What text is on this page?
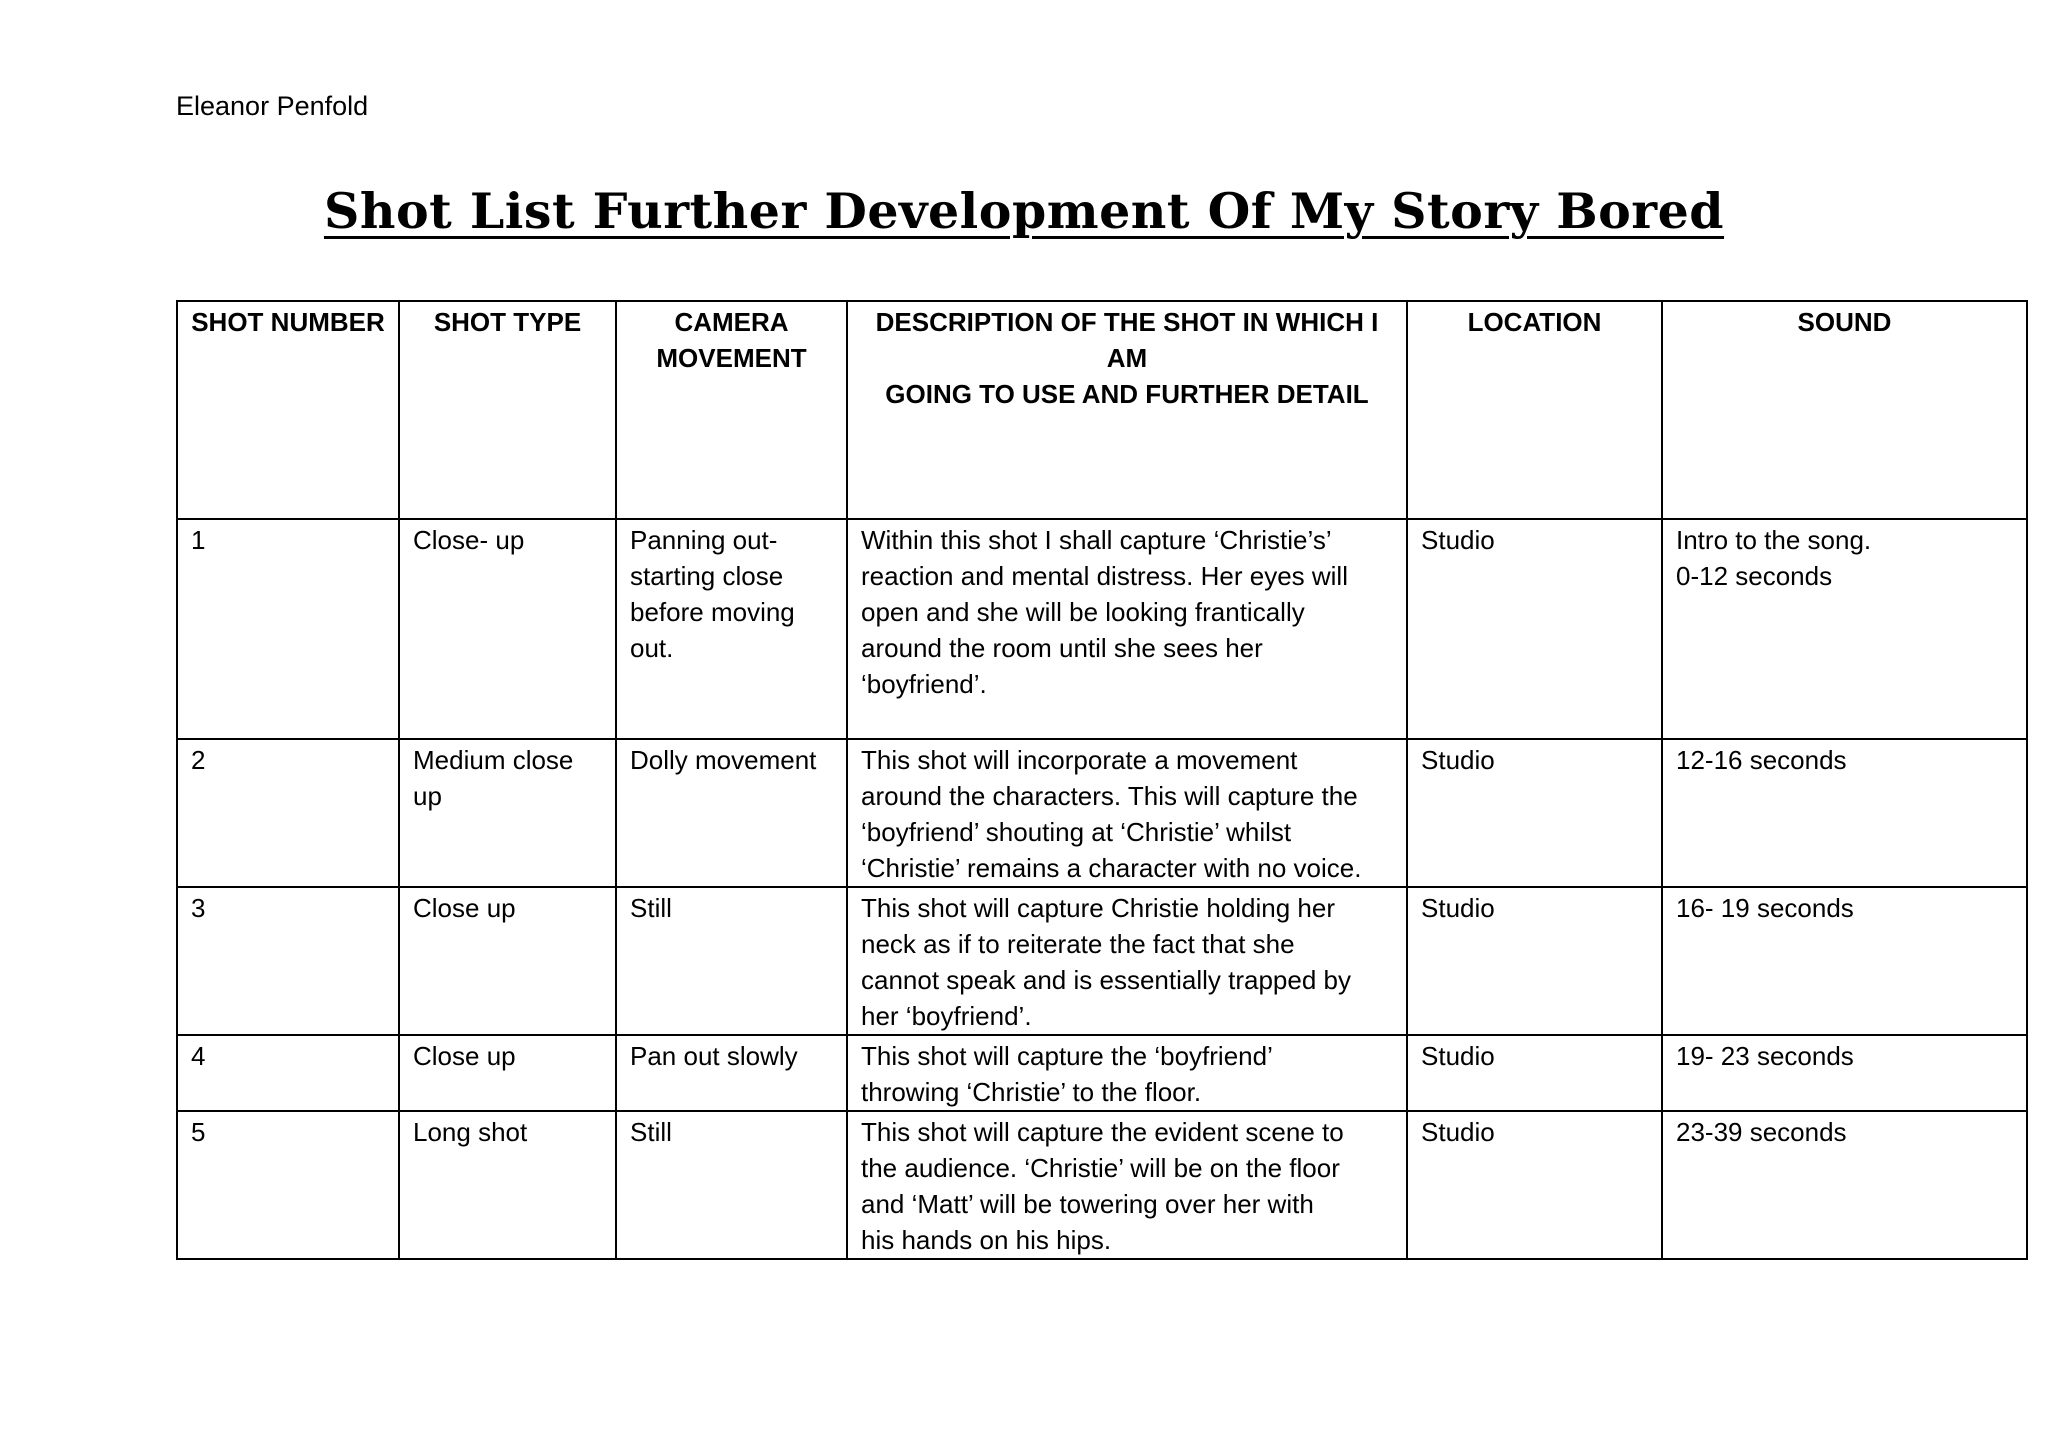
Eleanor Penfold
Shot List Further Development Of My Story Bored
SHOT NUMBER	SHOT TYPE	CAMERA
MOVEMENT	DESCRIPTION OF THE SHOT IN WHICH I AM
GOING TO USE AND FURTHER DETAIL	LOCATION	SOUND

1	Close- up	Panning out-
starting close
before moving
out.	Within this shot I shall capture ‘Christie’s’
reaction and mental distress. Her eyes will
open and she will be looking frantically
around the room until she sees her
‘boyfriend’.	Studio	Intro to the song.
0-12 seconds

2	Medium close
up	Dolly movement	This shot will incorporate a movement
around the characters. This will capture the
‘boyfriend’ shouting at ‘Christie’ whilst
‘Christie’ remains a character with no voice.	Studio	12-16 seconds
3	Close up	Still	This shot will capture Christie holding her
neck as if to reiterate the fact that she
cannot speak and is essentially trapped by
her ‘boyfriend’.	Studio	16- 19 seconds
4	Close up	Pan out slowly	This shot will capture the ‘boyfriend’
throwing ‘Christie’ to the floor.	Studio	19- 23 seconds
5	Long shot	Still	This shot will capture the evident scene to
the audience. ‘Christie’ will be on the floor
and ‘Matt’ will be towering over her with
his hands on his hips.	Studio	23-39 seconds
